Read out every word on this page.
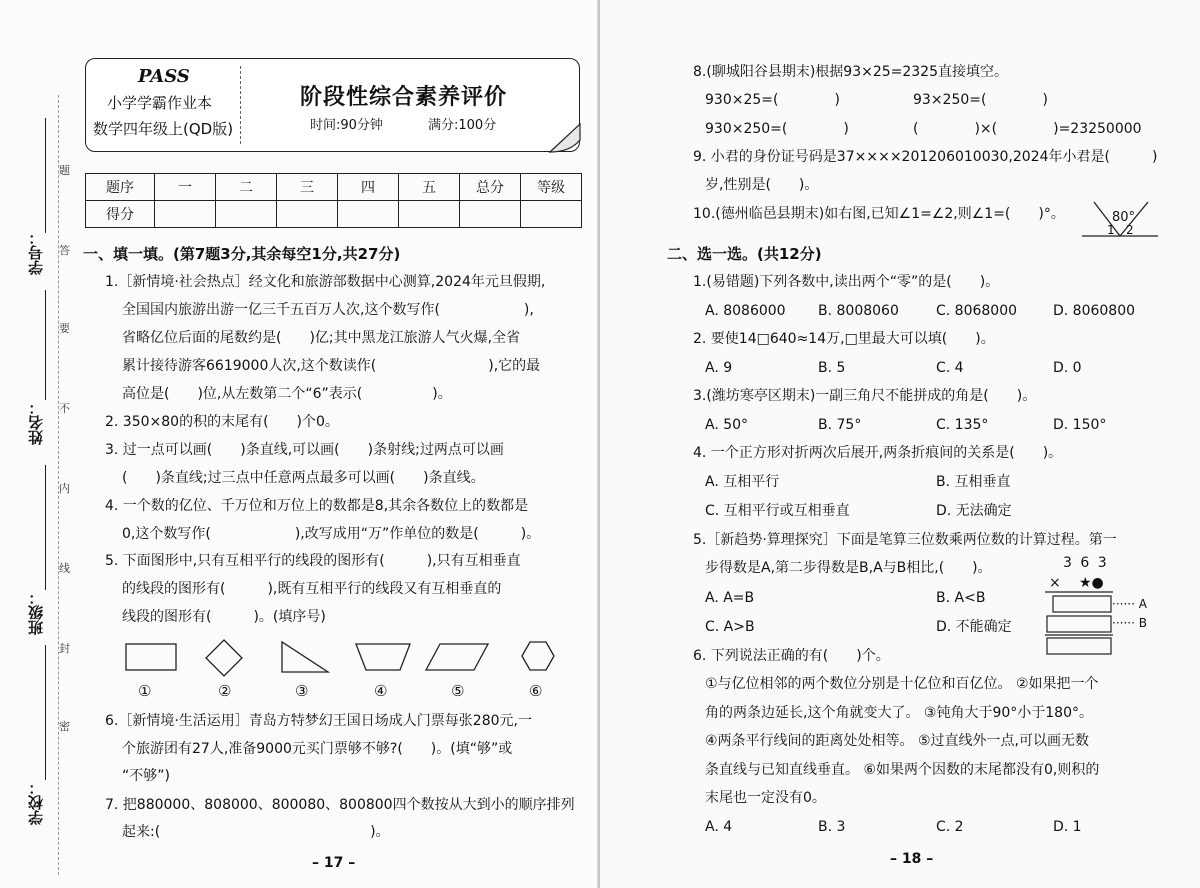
学号：
姓名：
班级：
学校：
题
答
要
不
内
线
封
密
PASS
小学学霸作业本
数学四年级上(QD版)
阶段性综合素养评价
时间:90分钟	满分:100分
题序	一	二	三	四	五	总分	等级
得分							
一、填一填。(第7题3分,其余每空1分,共27分)
1.［新情境·社会热点］经文化和旅游部数据中心测算,2024年元旦假期,
全国国内旅游出游一亿三千五百万人次,这个数写作(　　　　　　),
省略亿位后面的尾数约是(　　)亿;其中黑龙江旅游人气火爆,全省
累计接待游客6619000人次,这个数读作(　　　　　　　　),它的最
高位是(　　)位,从左数第二个“6”表示(　　　　　)。
2. 350×80的积的末尾有(　　)个0。
3. 过一点可以画(　　)条直线,可以画(　　)条射线;过两点可以画
(　　)条直线;过三点中任意两点最多可以画(　　)条直线。
4. 一个数的亿位、千万位和万位上的数都是8,其余各数位上的数都是
0,这个数写作(　　　　　　),改写成用“万”作单位的数是(　　　)。
5. 下面图形中,只有互相平行的线段的图形有(　　　),只有互相垂直
的线段的图形有(　　　),既有互相平行的线段又有互相垂直的
线段的图形有(　　　)。(填序号)
①	②	③	④	⑤	⑥
6.［新情境·生活运用］青岛方特梦幻王国日场成人门票每张280元,一
个旅游团有27人,准备9000元买门票够不够?(　　)。(填“够”或
“不够”)
7. 把880000、808000、800080、800800四个数按从大到小的顺序排列
起来:(　　　　　　　　　　　　　　　)。
– 17 –
8.(聊城阳谷县期末)根据93×25=2325直接填空。
930×25=(　　　　)	93×250=(　　　　)
930×250=(　　　　)	(　　　　)×(　　　　)=23250000
9. 小君的身份证号码是37××××201206010030,2024年小君是(　　　)
岁,性别是(　　)。
10.(德州临邑县期末)如右图,已知∠1=∠2,则∠1=(　　)°。	80°
1 2
二、选一选。(共12分)
1.(易错题)下列各数中,读出两个“零”的是(　　)。
A. 8086000 B. 8008060	C. 8068000	D. 8060800
2. 要使14□640≈14万,□里最大可以填(　　)。
A. 9	B. 5	C. 4	D. 0
3.(潍坊寒亭区期末)一副三角尺不能拼成的角是(　　)。
A. 50°	B. 75°	C. 135°	D. 150°
4. 一个正方形对折两次后展开,两条折痕间的关系是(　　)。
A. 互相平行	B. 互相垂直
C. 互相平行或互相垂直	D. 无法确定
5.［新趋势·算理探究］下面是笔算三位数乘两位数的计算过程。第一
步得数是A,第二步得数是B,A与B相比,(　　)。
A. A=B	B. A<B
C. A>B	D. 不能确定
3 6 3
× ★●
······ A
······ B
6. 下列说法正确的有(　　)个。
①与亿位相邻的两个数位分别是十亿位和百亿位。 ②如果把一个
角的两条边延长,这个角就变大了。 ③钝角大于90°小于180°。
④两条平行线间的距离处处相等。 ⑤过直线外一点,可以画无数
条直线与已知直线垂直。 ⑥如果两个因数的末尾都没有0,则积的
末尾也一定没有0。
A. 4	B. 3	C. 2	D. 1
– 18 –
